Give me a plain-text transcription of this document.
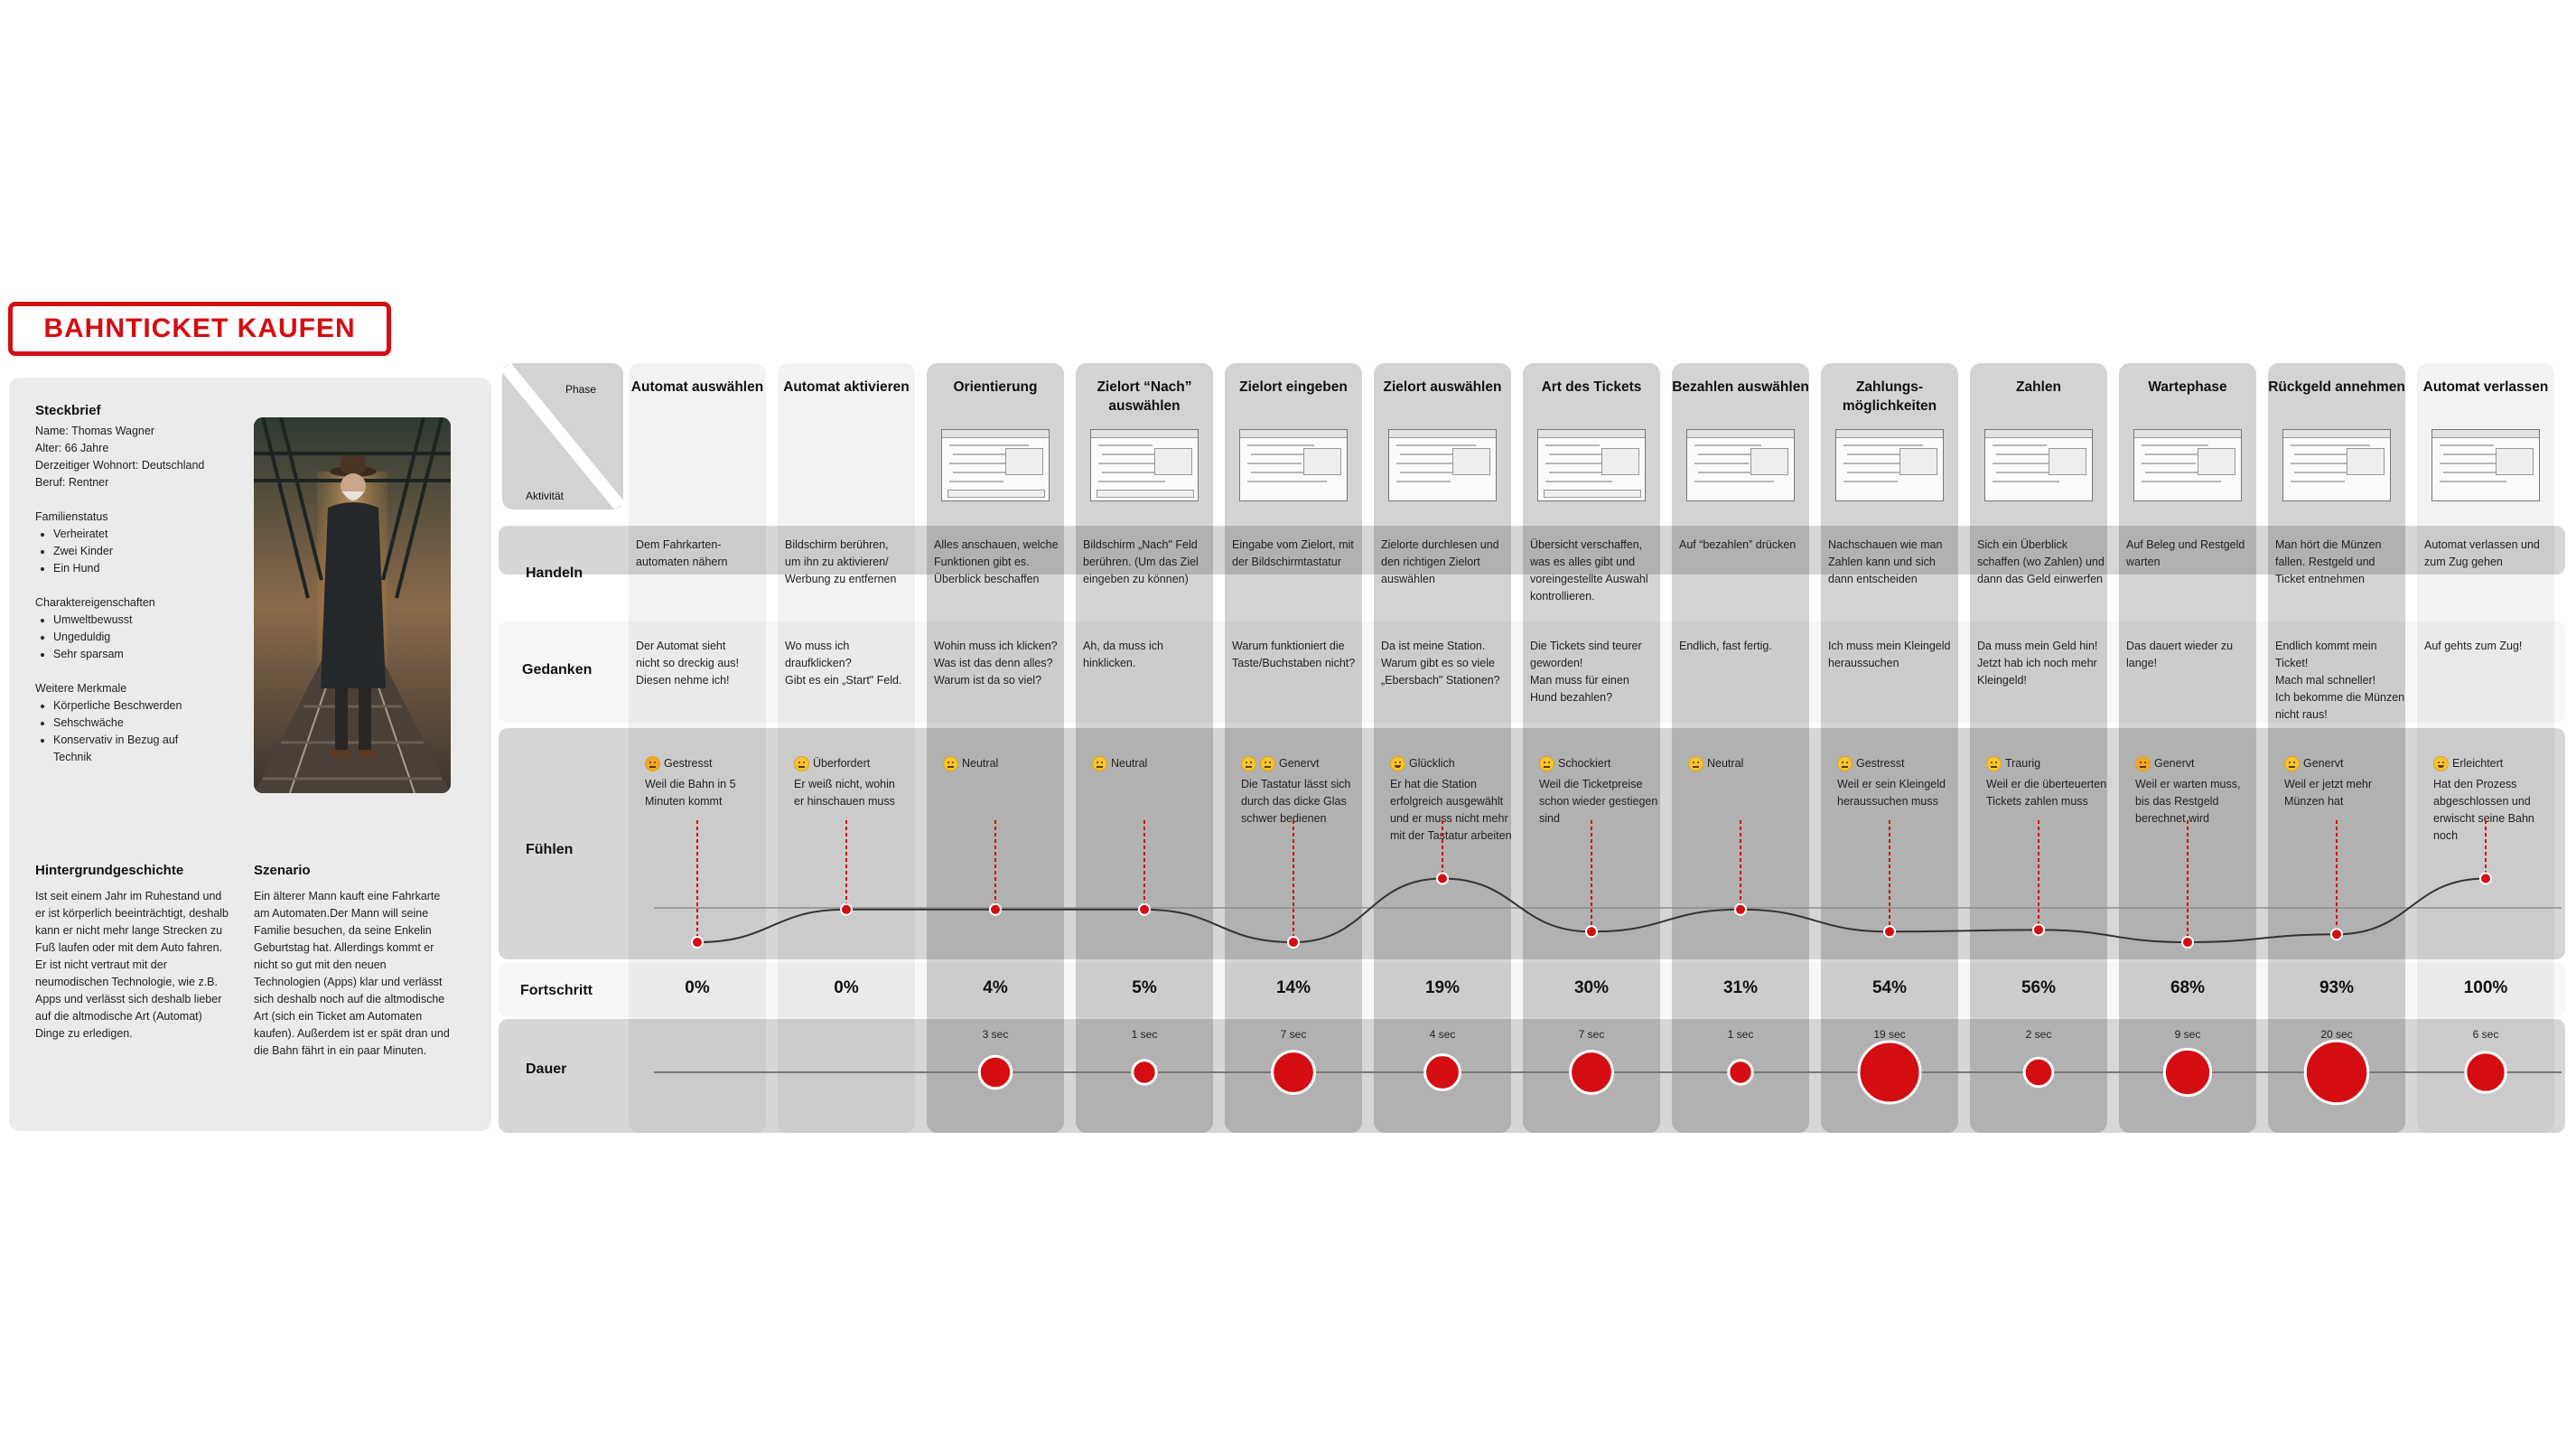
BAHNTICKET KAUFEN
Steckbrief
Name: Thomas Wagner
Alter: 66 Jahre
Derzeitiger Wohnort: Deutschland
Beruf: Rentner
Familienstatus
• Verheiratet
• Zwei Kinder
• Ein Hund
Charaktereigenschaften
• Umweltbewusst
• Ungeduldig
• Sehr sparsam
Weitere Merkmale
• Körperliche Beschwerden
• Sehschwäche
• Konservativ in Bezug auf Technik
Hintergrundgeschichte
Ist seit einem Jahr im Ruhestand und er ist körperlich beeinträchtigt, deshalb kann er nicht mehr lange Strecken zu Fuß laufen oder mit dem Auto fahren. Er ist nicht vertraut mit der neumodischen Technologie, wie z.B. Apps und verlässt sich deshalb lieber auf die altmodische Art (Automat) Dinge zu erledigen.
Szenario
Ein älterer Mann kauft eine Fahrkarte am Automaten.Der Mann will seine Familie besuchen, da seine Enkelin Geburtstag hat. Allerdings kommt er nicht so gut mit den neuen Technologien (Apps) klar und verlässt sich deshalb noch auf die altmodische Art (sich ein Ticket am Automaten kaufen). Außerdem ist er spät dran und die Bahn fährt in ein paar Minuten.
Automat auswählen
Dem Fahrkarten-
automaten nähern
Der Automat sieht
nicht so dreckig aus!
Diesen nehme ich!
Gestresst
Weil die Bahn in 5
Minuten kommt
0%
Automat aktivieren
Bildschirm berühren,
um ihn zu aktivieren/
Werbung zu entfernen
Wo muss ich
draufklicken?
Gibt es ein „Start" Feld.
Überfordert
Er weiß nicht, wohin
er hinschauen muss
0%
Orientierung
Alles anschauen, welche
Funktionen gibt es.
Überblick beschaffen
Wohin muss ich klicken?
Was ist das denn alles?
Warum ist da so viel?
Neutral
4%
3 sec
Zielort “Nach”
auswählen
Bildschirm „Nach" Feld
berühren. (Um das Ziel
eingeben zu können)
Ah, da muss ich
hinklicken.
Neutral
5%
1 sec
Zielort eingeben
Eingabe vom Zielort, mit
der Bildschirmtastatur
Warum funktioniert die
Taste/Buchstaben nicht?
Genervt
Die Tastatur lässt sich
durch das dicke Glas
schwer bedienen
14%
7 sec
Zielort auswählen
Zielorte durchlesen und
den richtigen Zielort
auswählen
Da ist meine Station.
Warum gibt es so viele
„Ebersbach" Stationen?
Glücklich
Er hat die Station
erfolgreich ausgewählt
und er muss nicht mehr
mit der Tastatur arbeiten
19%
4 sec
Art des Tickets
Übersicht verschaffen,
was es alles gibt und
voreingestellte Auswahl
kontrollieren.
Die Tickets sind teurer
geworden!
Man muss für einen
Hund bezahlen?
Schockiert
Weil die Ticketpreise
schon wieder gestiegen
sind
30%
7 sec
Bezahlen auswählen
Auf “bezahlen” drücken
Endlich, fast fertig.
Neutral
31%
1 sec
Zahlungs-
möglichkeiten
Nachschauen wie man
Zahlen kann und sich
dann entscheiden
Ich muss mein Kleingeld
heraussuchen
Gestresst
Weil er sein Kleingeld
heraussuchen muss
54%
19 sec
Zahlen
Sich ein Überblick
schaffen (wo Zahlen) und
dann das Geld einwerfen
Da muss mein Geld hin!
Jetzt hab ich noch mehr
Kleingeld!
Traurig
Weil er die überteuerten
Tickets zahlen muss
56%
2 sec
Wartephase
Auf Beleg und Restgeld
warten
Das dauert wieder zu
lange!
Genervt
Weil er warten muss,
bis das Restgeld
berechnet wird
68%
9 sec
Rückgeld annehmen
Man hört die Münzen
fallen. Restgeld und
Ticket entnehmen
Endlich kommt mein
Ticket!
Mach mal schneller!
Ich bekomme die Münzen
nicht raus!
Genervt
Weil er jetzt mehr
Münzen hat
93%
20 sec
Automat verlassen
Automat verlassen und
zum Zug gehen
Auf gehts zum Zug!
Erleichtert
Hat den Prozess
abgeschlossen und
erwischt seine Bahn noch
100%
6 sec
Phase
Aktivität
Handeln
Gedanken
Fühlen
Fortschritt
Dauer
